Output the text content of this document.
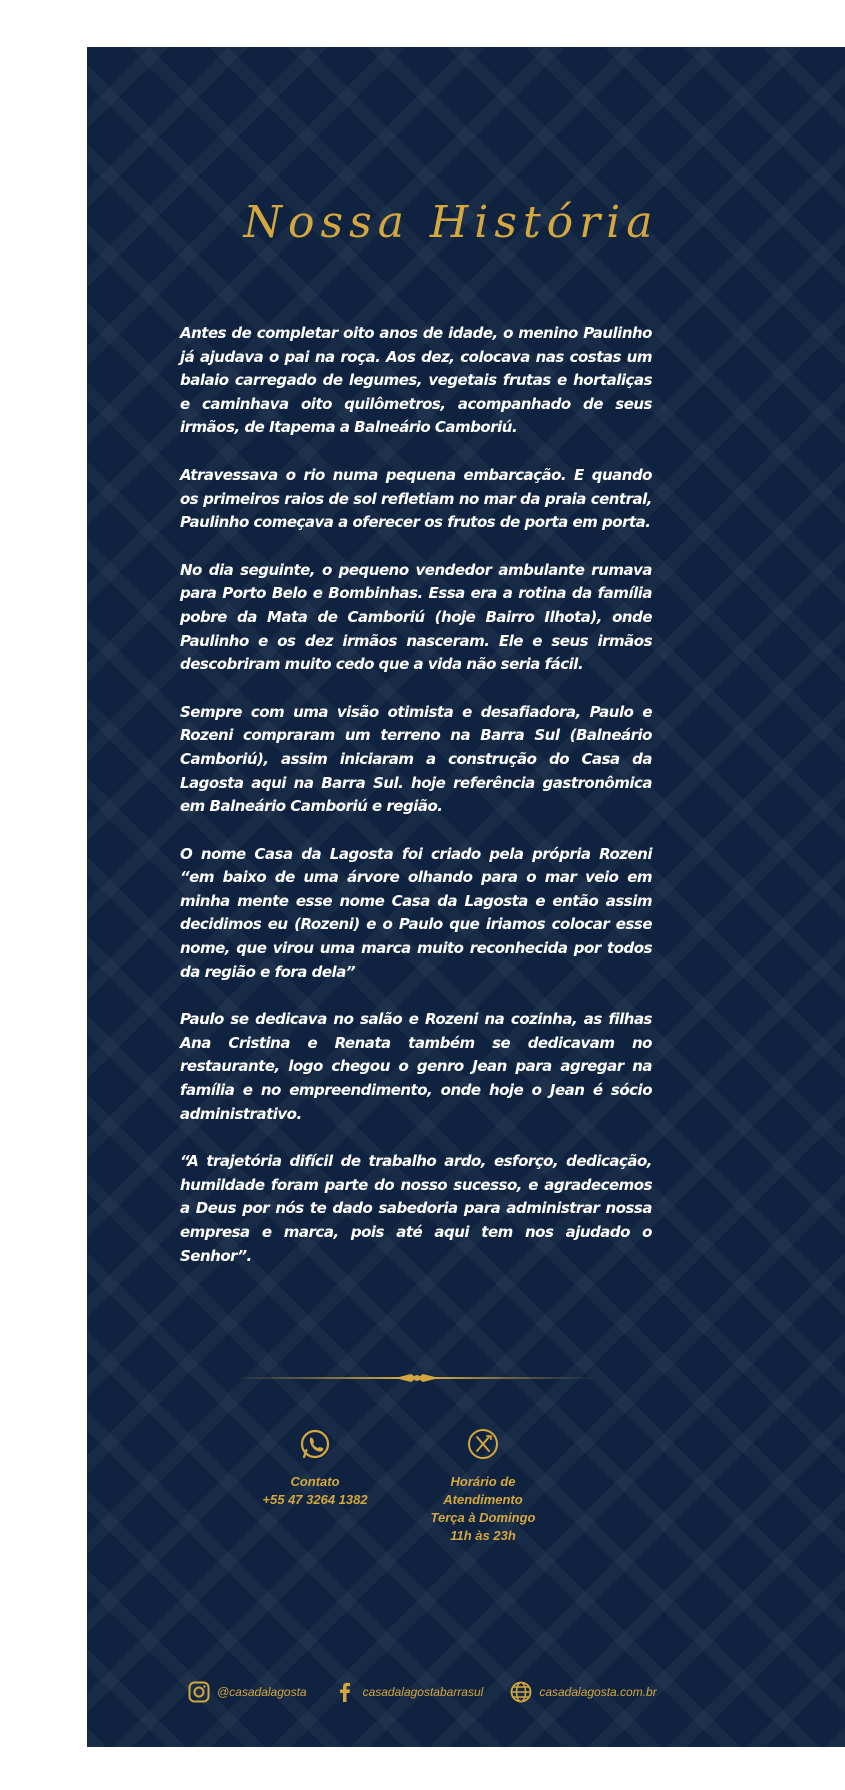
Nossa História

Antes de completar oito anos de idade, o menino Paulinho já ajudava o pai na roça. Aos dez, colocava nas costas um balaio carregado de legumes, vegetais frutas e hortaliças e caminhava oito quilômetros, acompanhado de seus irmãos, de Itapema a Balneário Camboriú.

Atravessava o rio numa pequena embarcação. E quando os primeiros raios de sol refletiam no mar da praia central, Paulinho começava a oferecer os frutos de porta em porta.

No dia seguinte, o pequeno vendedor ambulante rumava para Porto Belo e Bombinhas. Essa era a rotina da família pobre da Mata de Camboriú (hoje Bairro Ilhota), onde Paulinho e os dez irmãos nasceram. Ele e seus irmãos descobriram muito cedo que a vida não seria fácil.

Sempre com uma visão otimista e desafiadora, Paulo e Rozeni compraram um terreno na Barra Sul (Balneário Camboriú), assim iniciaram a construção do Casa da Lagosta aqui na Barra Sul. hoje referência gastronômica em Balneário Camboriú e região.

O nome Casa da Lagosta foi criado pela própria Rozeni “em baixo de uma árvore olhando para o mar veio em minha mente esse nome Casa da Lagosta e então assim decidimos eu (Rozeni) e o Paulo que iriamos colocar esse nome, que virou uma marca muito reconhecida por todos da região e fora dela”

Paulo se dedicava no salão e Rozeni na cozinha, as filhas Ana Cristina e Renata também se dedicavam no restaurante, logo chegou o genro Jean para agregar na família e no empreendimento, onde hoje o Jean é sócio administrativo.

“A trajetória difícil de trabalho ardo, esforço, dedicação, humildade foram parte do nosso sucesso, e agradecemos a Deus por nós te dado sabedoria para administrar nossa empresa e marca, pois até aqui tem nos ajudado o Senhor”.

Contato
+55 47 3264 1382
Horário de
Atendimento
Terça à Domingo
11h às 23h
@casadalagosta	casadalagostabarrasul	casadalagosta.com.br
